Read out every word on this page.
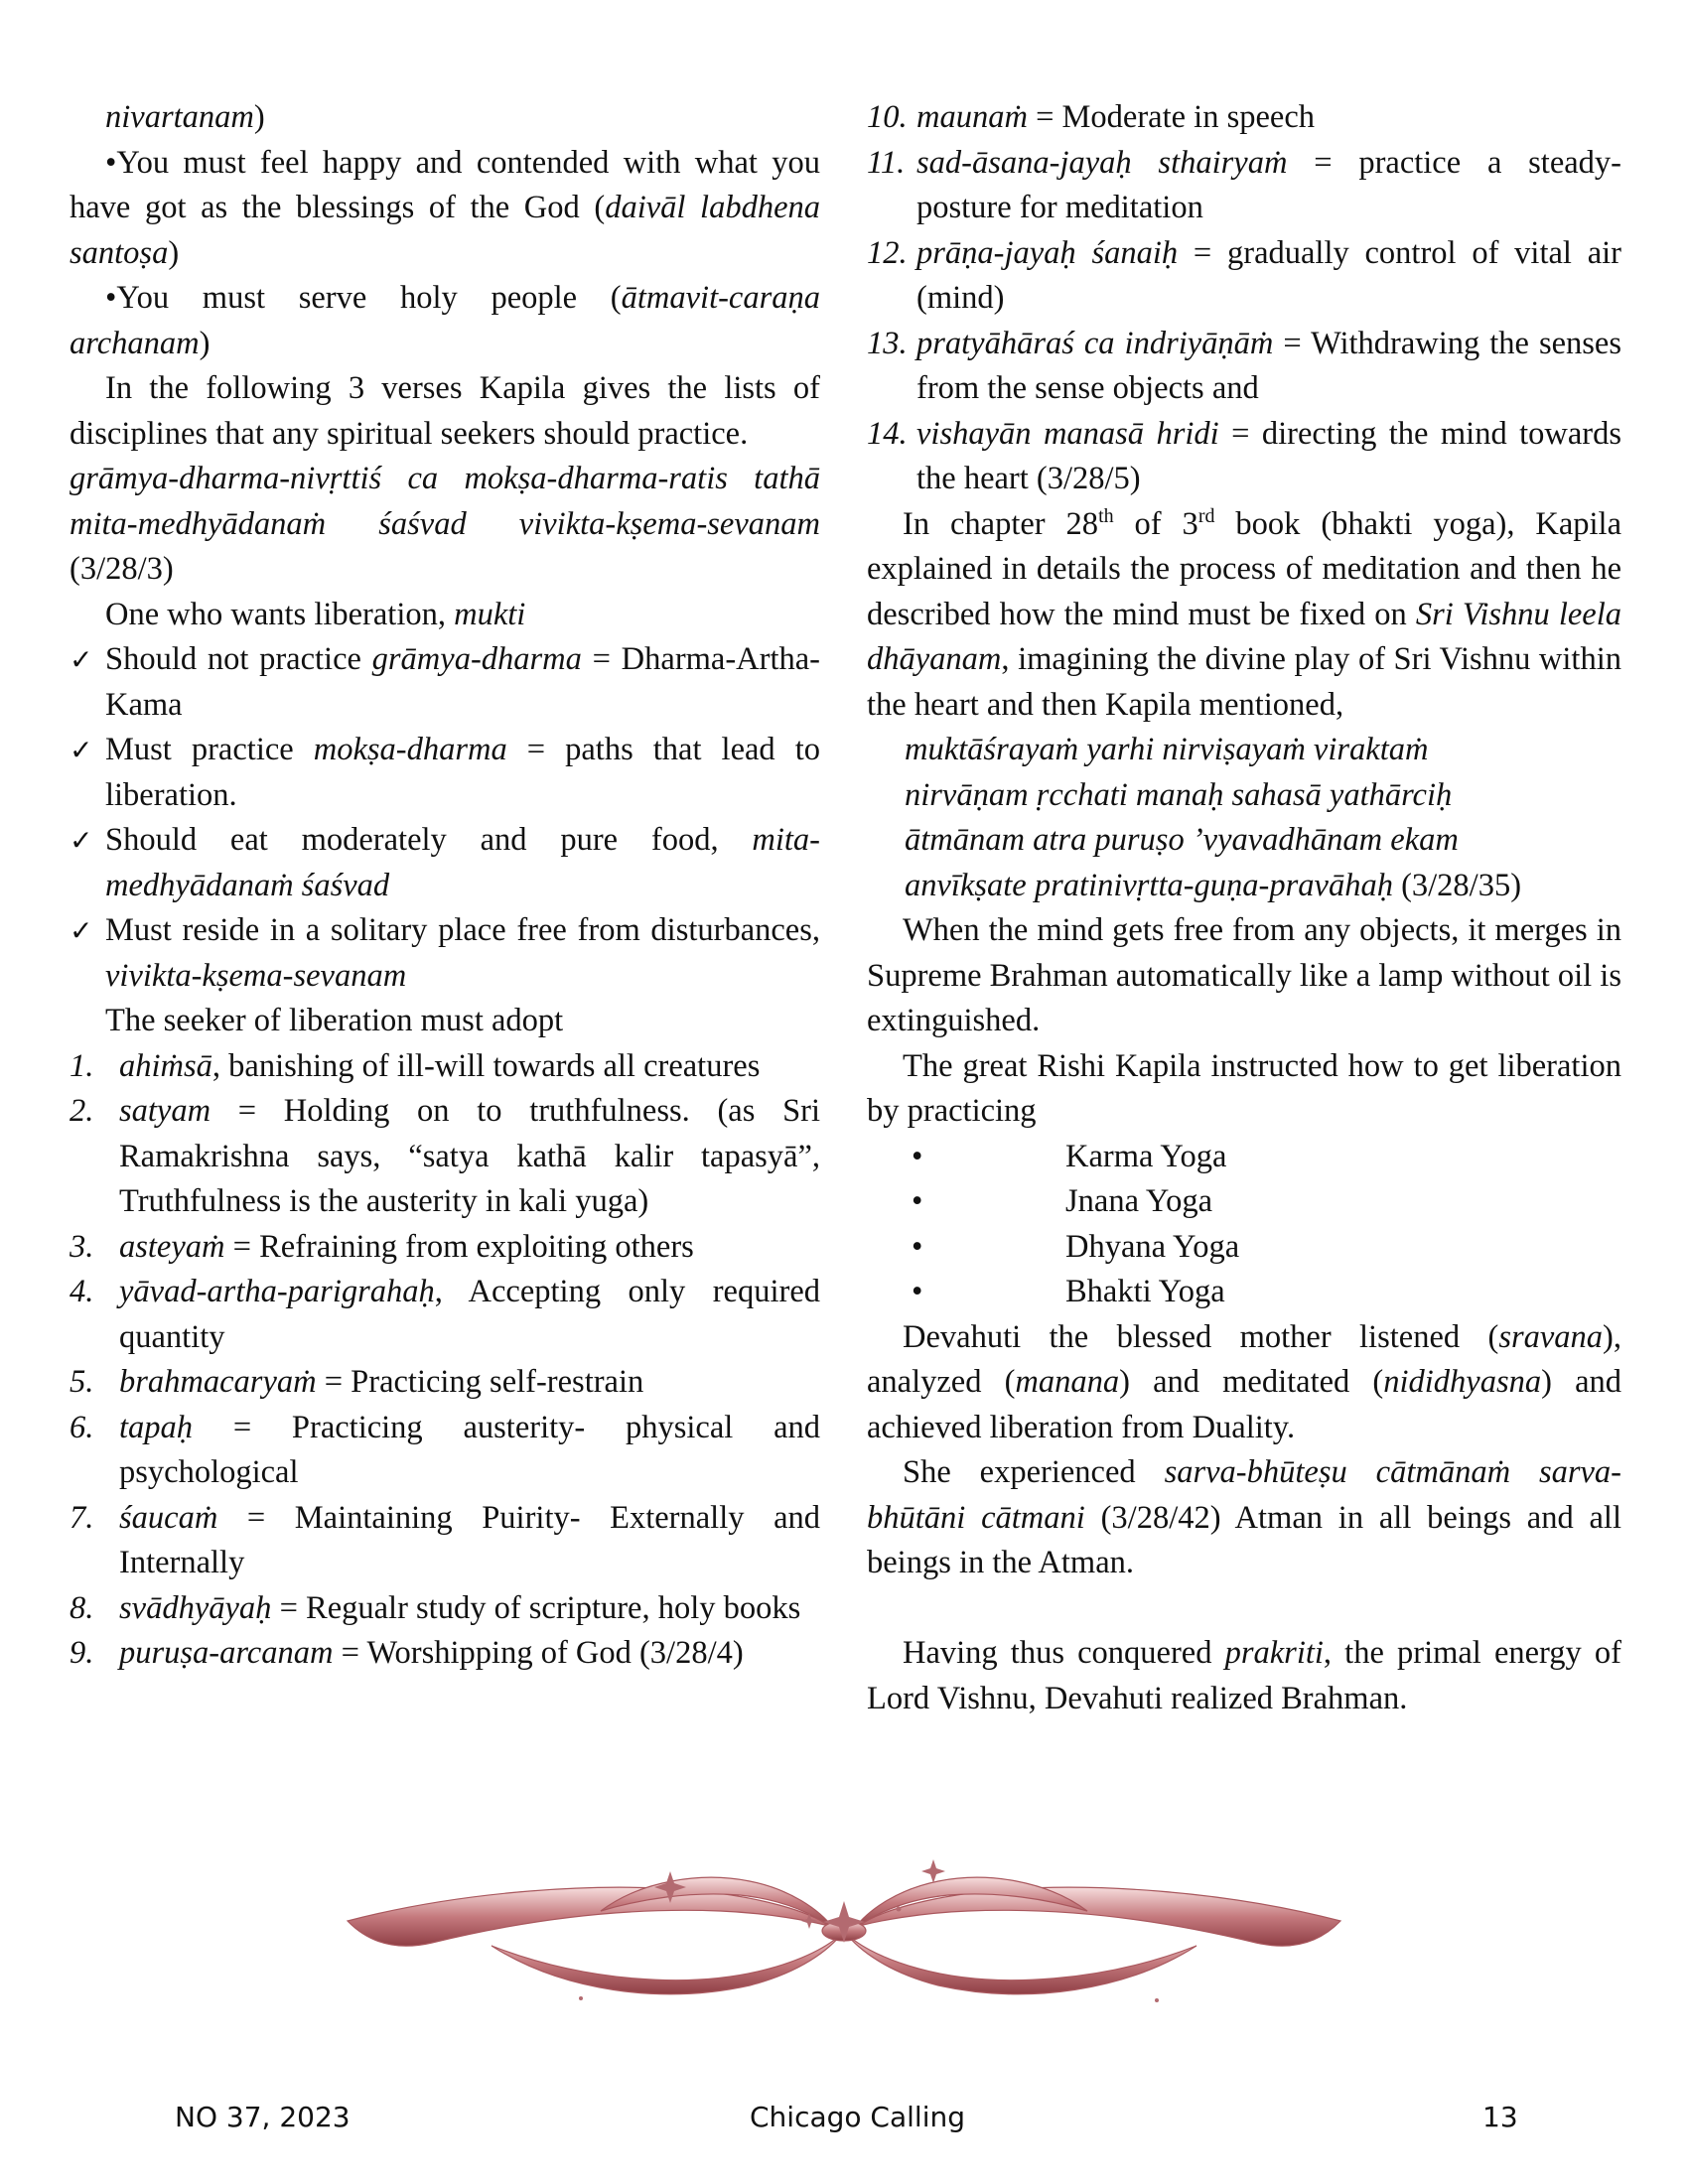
nivartanam)

•You must feel happy and contended with what you have got as the blessings of the God (daivāl labdhena santoṣa)

•You must serve holy people (ātmavit-caraṇa archanam)

In the following 3 verses Kapila gives the lists of disciplines that any spiritual seekers should practice.

grāmya-dharma-nivṛttiś ca mokṣa-dharma-ratis tathā

mita-medhyādanaṁ śaśvad vivikta-kṣema-sevanam

(3/28/3)

One who wants liberation, mukti

✓ Should not practice grāmya-dharma = Dharma-Artha- Kama
✓ Must practice mokṣa-dharma = paths that lead to liberation.
✓ Should eat moderately and pure food, mita-medhyādanaṁ śaśvad
✓ Must reside in a solitary place free from disturbances, vivikta-kṣema-sevanam

The seeker of liberation must adopt

1. ahiṁsā, banishing of ill-will towards all creatures
2. satyam = Holding on to truthfulness. (as Sri Ramakrishna says, “satya kathā kalir tapasyā”, Truthfulness is the austerity in kali yuga)
3. asteyaṁ = Refraining from exploiting others
4. yāvad-artha-parigrahaḥ, Accepting only required quantity
5. brahmacaryaṁ = Practicing self-restrain
6. tapaḥ = Practicing austerity- physical and psychological
7. śaucaṁ = Maintaining Puirity- Externally and Internally
8. svādhyāyaḥ = Regualr study of scripture, holy books
9. puruṣa-arcanam = Worshipping of God (3/28/4)
10. maunaṁ = Moderate in speech
11. sad-āsana-jayaḥ sthairyaṁ = practice a steady-posture for meditation
12. prāṇa-jayaḥ śanaiḥ = gradually control of vital air (mind)
13. pratyāhāraś ca indriyāṇāṁ = Withdrawing the senses from the sense objects and
14. vishayān manasā hridi = directing the mind towards the heart (3/28/5)

In chapter 28th of 3rd book (bhakti yoga), Kapila explained in details the process of meditation and then he described how the mind must be fixed on Sri Vishnu leela dhāyanam, imagining the divine play of Sri Vishnu within the heart and then Kapila mentioned,

muktāśrayaṁ yarhi nirviṣayaṁ viraktaṁ

nirvāṇam ṛcchati manaḥ sahasā yathārciḥ

ātmānam atra puruṣo ’vyavadhānam ekam

anvīkṣate pratinivṛtta-guṇa-pravāhaḥ (3/28/35)

When the mind gets free from any objects, it merges in Supreme Brahman automatically like a lamp without oil is extinguished.

The great Rishi Kapila instructed how to get liberation by practicing

•	Karma Yoga
•	Jnana Yoga
•	Dhyana Yoga
•	Bhakti Yoga

Devahuti the blessed mother listened (sravana), analyzed (manana) and meditated (nididhyasna) and achieved liberation from Duality.

She experienced sarva-bhūteṣu cātmānaṁ sarva-bhūtāni cātmani (3/28/42) Atman in all beings and all beings in the Atman.

Having thus conquered prakriti, the primal energy of Lord Vishnu, Devahuti realized Brahman.

NO 37, 2023	Chicago Calling	13
